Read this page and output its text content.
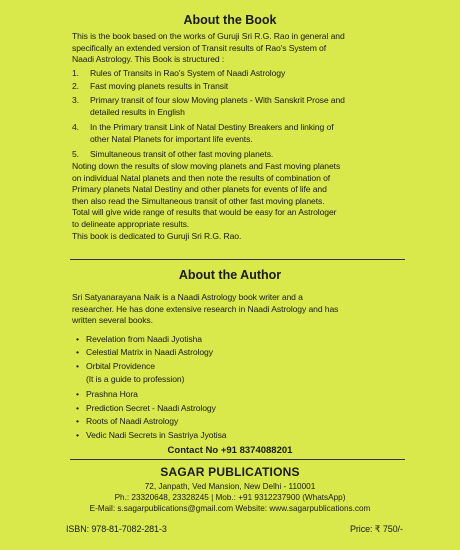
About the Book
This is the book based on the works of Guruji Sri R.G. Rao in general and
specifically an extended version of Transit results of Rao's System of
Naadi Astrology. This Book is structured :
1. Rules of Transits in Rao's System of Naadi Astrology
2. Fast moving planets results in Transit
3. Primary transit of four slow Moving planets - With Sanskrit Prose and
detailed results in English
4. In the Primary transit Link of Natal Destiny Breakers and linking of
other Natal Planets for important life events.
5. Simultaneous transit of other fast moving planets.
Noting down the results of slow moving planets and Fast moving planets
on individual Natal planets and then note the results of combination of
Primary planets Natal Destiny and other planets for events of life and
then also read the Simultaneous transit of other fast moving planets.
Total will give wide range of results that would be easy for an Astrologer
to delineate appropriate results.
This book is dedicated to Guruji Sri R.G. Rao.
About the Author
Sri Satyanarayana Naik is a Naadi Astrology book writer and a
researcher. He has done extensive research in Naadi Astrology and has
written several books.
• Revelation from Naadi Jyotisha
• Celestial Matrix in Naadi Astrology
• Orbital Providence
(It is a guide to profession)
• Prashna Hora
• Prediction Secret - Naadi Astrology
• Roots of Naadi Astrology
• Vedic Nadi Secrets in Sastriya Jyotisa
Contact No +91 8374088201
SAGAR PUBLICATIONS
72, Janpath, Ved Mansion, New Delhi - 110001
Ph.: 23320648, 23328245 | Mob.: +91 9312237900 (WhatsApp)
E-Mail: s.sagarpublications@gmail.com Website: www.sagarpublications.com
ISBN: 978-81-7082-281-3	Price: ₹ 750/-
